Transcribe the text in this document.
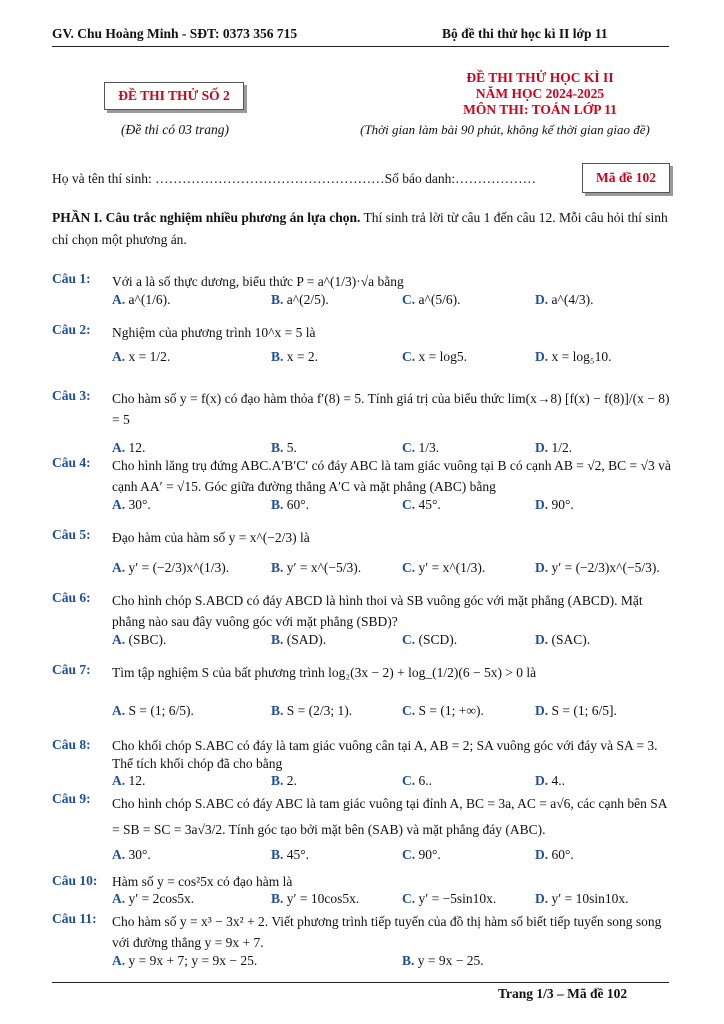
GV. Chu Hoàng Minh - SĐT: 0373 356 715	Bộ đề thi thử học kì II lớp 11
ĐỀ THI THỬ SỐ 2
(Đề thi có 03 trang)
ĐỀ THI THỬ HỌC KÌ II
NĂM HỌC 2024-2025
MÔN THI: TOÁN LỚP 11
(Thời gian làm bài 90 phút, không kể thời gian giao đề)
Họ và tên thí sinh: ……………………………………………Số báo danh:………………	Mã đề 102
PHẦN I. Câu trắc nghiệm nhiều phương án lựa chọn. Thí sinh trả lời từ câu 1 đến câu 12. Mỗi câu hỏi thí sinh chỉ chọn một phương án.
Câu 1: Với a là số thực dương, biểu thức P = a^(1/3)·√a bằng
A. a^(1/6).	B. a^(2/5).	C. a^(5/6).	D. a^(4/3).
Câu 2: Nghiệm của phương trình 10^x = 5 là
A. x = 1/2.	B. x = 2.	C. x = log5.	D. x = log₅10.
Câu 3: Cho hàm số y = f(x) có đạo hàm thỏa f′(8) = 5. Tính giá trị của biểu thức lim(x→8) [f(x) − f(8)]/(x − 8) = 5
A. 12.	B. 5.	C. 1/3.	D. 1/2.
Câu 4: Cho hình lăng trụ đứng ABC.A′B′C′ có đáy ABC là tam giác vuông tại B có cạnh AB = √2, BC = √3 và cạnh AA′ = √15. Góc giữa đường thẳng A′C và mặt phẳng (ABC) bằng
A. 30°.	B. 60°.	C. 45°.	D. 90°.
Câu 5: Đạo hàm của hàm số y = x^(−2/3) là
A. y′ = (−2/3)x^(1/3).	B. y′ = x^(−5/3).	C. y′ = x^(1/3).	D. y′ = (−2/3)x^(−5/3).
Câu 6: Cho hình chóp S.ABCD có đáy ABCD là hình thoi và SB vuông góc với mặt phẳng (ABCD). Mặt phẳng nào sau đây vuông góc với mặt phẳng (SBD)?
A. (SBC).	B. (SAD).	C. (SCD).	D. (SAC).
Câu 7: Tìm tập nghiệm S của bất phương trình log₂(3x − 2) + log_(1/2)(6 − 5x) > 0 là
A. S = (1; 6/5).	B. S = (2/3; 1).	C. S = (1; +∞).	D. S = (1; 6/5].
Câu 8: Cho khối chóp S.ABC có đáy là tam giác vuông cân tại A, AB = 2; SA vuông góc với đáy và SA = 3. Thể tích khối chóp đã cho bằng
A. 12.	B. 2.	C. 6..	D. 4..
Câu 9: Cho hình chóp S.ABC có đáy ABC là tam giác vuông tại đỉnh A, BC = 3a, AC = a√6, các cạnh bên SA = SB = SC = 3a√3/2. Tính góc tạo bởi mặt bên (SAB) và mặt phẳng đáy (ABC).
A. 30°.	B. 45°.	C. 90°.	D. 60°.
Câu 10: Hàm số y = cos²5x có đạo hàm là
A. y′ = 2cos5x.	B. y′ = 10cos5x.	C. y′ = −5sin10x.	D. y′ = 10sin10x.
Câu 11: Cho hàm số y = x³ − 3x² + 2. Viết phương trình tiếp tuyến của đồ thị hàm số biết tiếp tuyến song song với đường thẳng y = 9x + 7.
A. y = 9x + 7; y = 9x − 25.	B. y = 9x − 25.
Trang 1/3 – Mã đề 102
